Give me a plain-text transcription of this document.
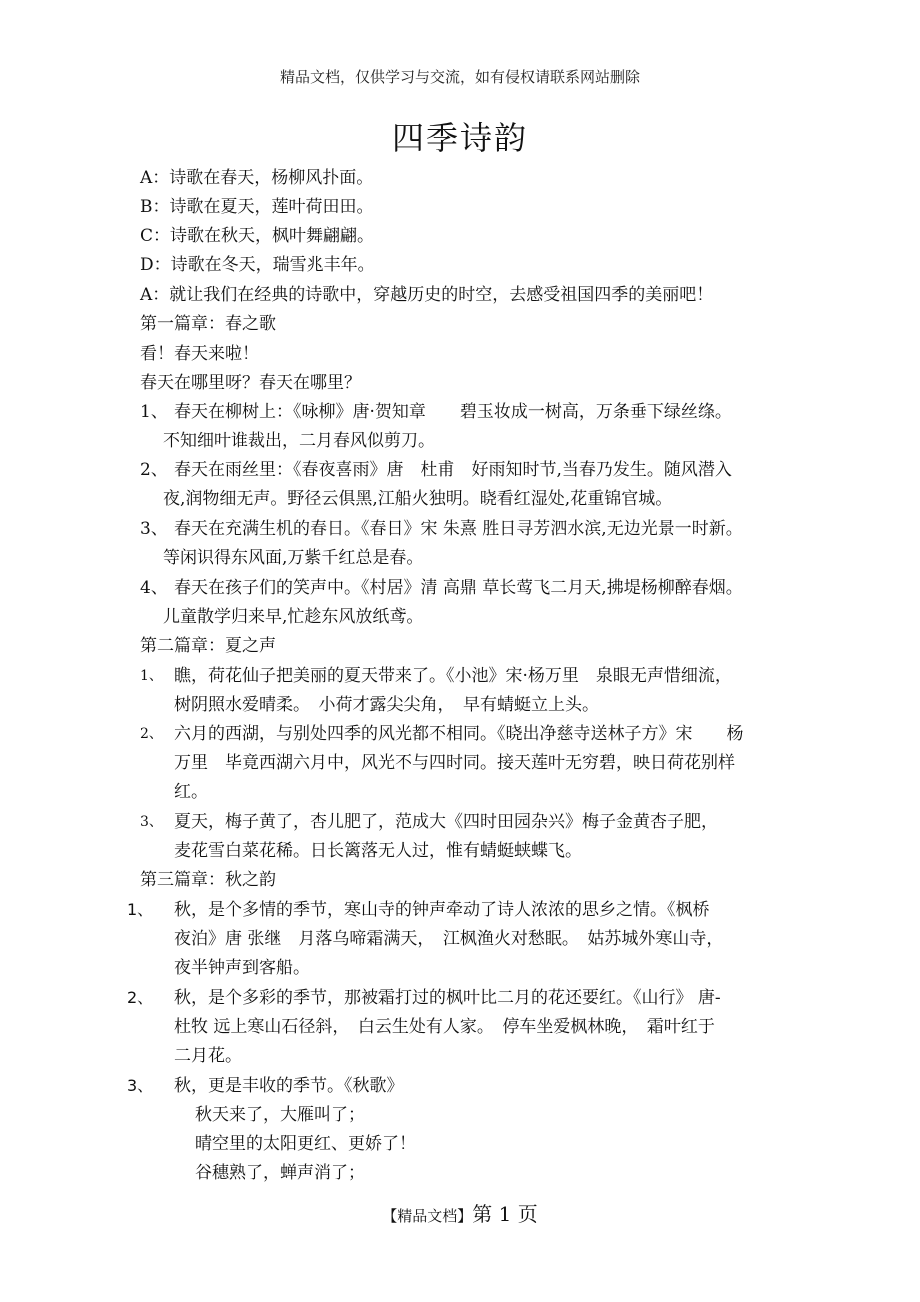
精品文档，仅供学习与交流，如有侵权请联系网站删除
四季诗韵
A：诗歌在春天，杨柳风扑面。
B：诗歌在夏天，莲叶荷田田。
C：诗歌在秋天，枫叶舞翩翩。
D：诗歌在冬天，瑞雪兆丰年。
A：就让我们在经典的诗歌中，穿越历史的时空，去感受祖国四季的美丽吧！
第一篇章：春之歌
看！春天来啦！
春天在哪里呀？春天在哪里？
1、 春天在柳树上：《咏柳》唐·贺知章　　碧玉妆成一树高，万条垂下绿丝绦。
不知细叶谁裁出，二月春风似剪刀。
2、 春天在雨丝里：《春夜喜雨》唐　杜甫　好雨知时节,当春乃发生。随风潜入
夜,润物细无声。野径云俱黑,江船火独明。晓看红湿处,花重锦官城。
3、 春天在充满生机的春日。《春日》宋 朱熹 胜日寻芳泗水滨,无边光景一时新。
等闲识得东风面,万紫千红总是春。
4、 春天在孩子们的笑声中。《村居》清 高鼎 草长莺飞二月天,拂堤杨柳醉春烟。
儿童散学归来早,忙趁东风放纸鸢。
第二篇章：夏之声
1、 瞧，荷花仙子把美丽的夏天带来了。《小池》宋·杨万里　泉眼无声惜细流，
树阴照水爱晴柔。　小荷才露尖尖角，　早有蜻蜓立上头。
2、 六月的西湖，与别处四季的风光都不相同。《晓出净慈寺送林子方》宋　　杨
万里　毕竟西湖六月中，风光不与四时同。接天莲叶无穷碧，映日荷花别样
红。
3、 夏天，梅子黄了，杏儿肥了，范成大《四时田园杂兴》梅子金黄杏子肥，
麦花雪白菜花稀。日长篱落无人过，惟有蜻蜓蛱蝶飞。
第三篇章：秋之韵
1、 秋，是个多情的季节，寒山寺的钟声牵动了诗人浓浓的思乡之情。《枫桥
夜泊》唐 张继　月落乌啼霜满天，　江枫渔火对愁眠。　姑苏城外寒山寺，
夜半钟声到客船。
2、 秋，是个多彩的季节，那被霜打过的枫叶比二月的花还要红。《山行》 唐-
杜牧 远上寒山石径斜，　白云生处有人家。　停车坐爱枫林晚，　霜叶红于
二月花。
3、 秋，更是丰收的季节。《秋歌》
秋天来了，大雁叫了；
晴空里的太阳更红、更娇了！
谷穗熟了，蝉声消了；
【精品文档】第 1 页
